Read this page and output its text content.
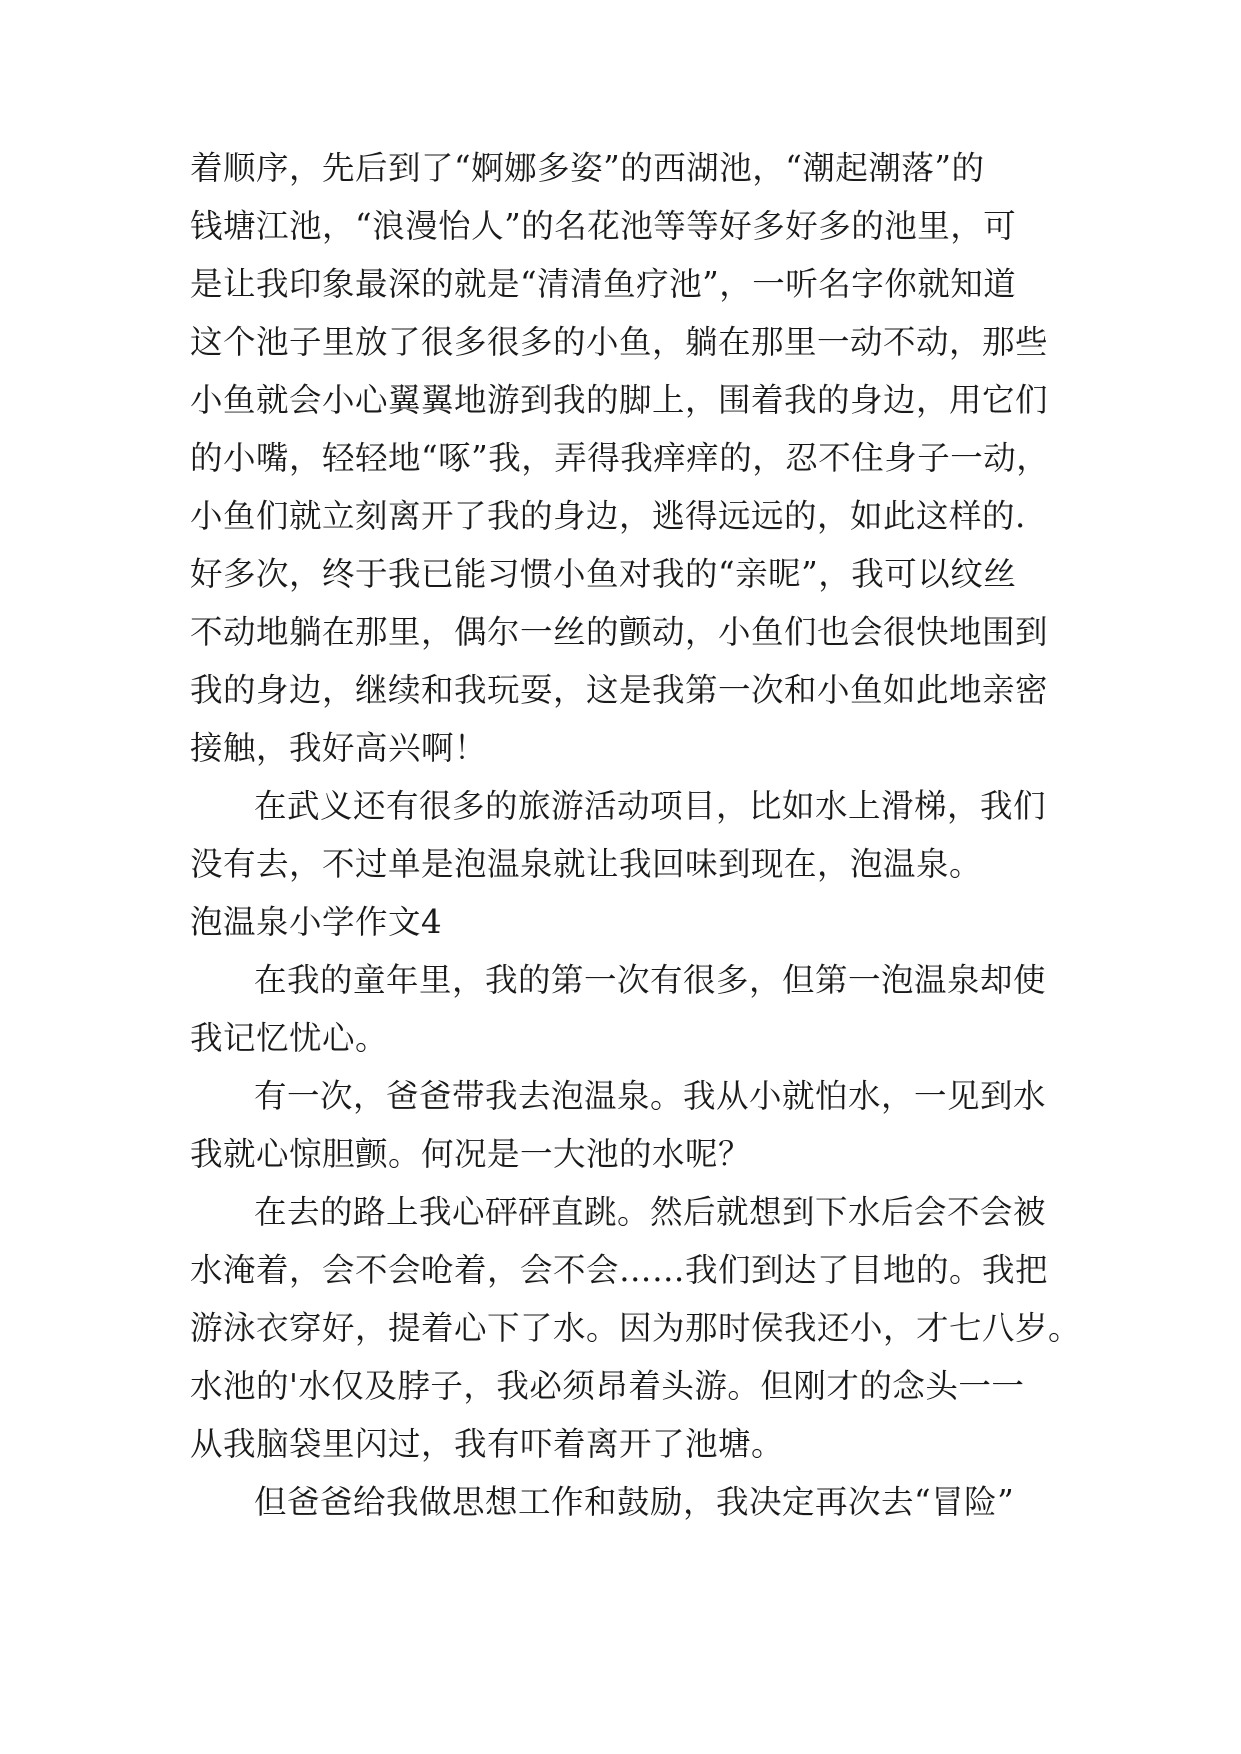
着顺序，先后到了“婀娜多姿”的西湖池，“潮起潮落”的
钱塘江池，“浪漫怡人”的名花池等等好多好多的池里，可
是让我印象最深的就是“清清鱼疗池”，一听名字你就知道
这个池子里放了很多很多的小鱼，躺在那里一动不动，那些
小鱼就会小心翼翼地游到我的脚上，围着我的身边，用它们
的小嘴，轻轻地“啄”我，弄得我痒痒的，忍不住身子一动，
小鱼们就立刻离开了我的身边，逃得远远的，如此这样的.
好多次，终于我已能习惯小鱼对我的“亲昵”，我可以纹丝
不动地躺在那里，偶尔一丝的颤动，小鱼们也会很快地围到
我的身边，继续和我玩耍，这是我第一次和小鱼如此地亲密
接触，我好高兴啊！
在武义还有很多的旅游活动项目，比如水上滑梯，我们
没有去，不过单是泡温泉就让我回味到现在，泡温泉。
泡温泉小学作文4
在我的童年里，我的第一次有很多，但第一泡温泉却使
我记忆忧心。
有一次，爸爸带我去泡温泉。我从小就怕水，一见到水
我就心惊胆颤。何况是一大池的水呢？
在去的路上我心砰砰直跳。然后就想到下水后会不会被
水淹着，会不会呛着，会不会……我们到达了目地的。我把
游泳衣穿好，提着心下了水。因为那时侯我还小，才七八岁。
水池的'水仅及脖子，我必须昂着头游。但刚才的念头一一
从我脑袋里闪过，我有吓着离开了池塘。
但爸爸给我做思想工作和鼓励，我决定再次去“冒险”
